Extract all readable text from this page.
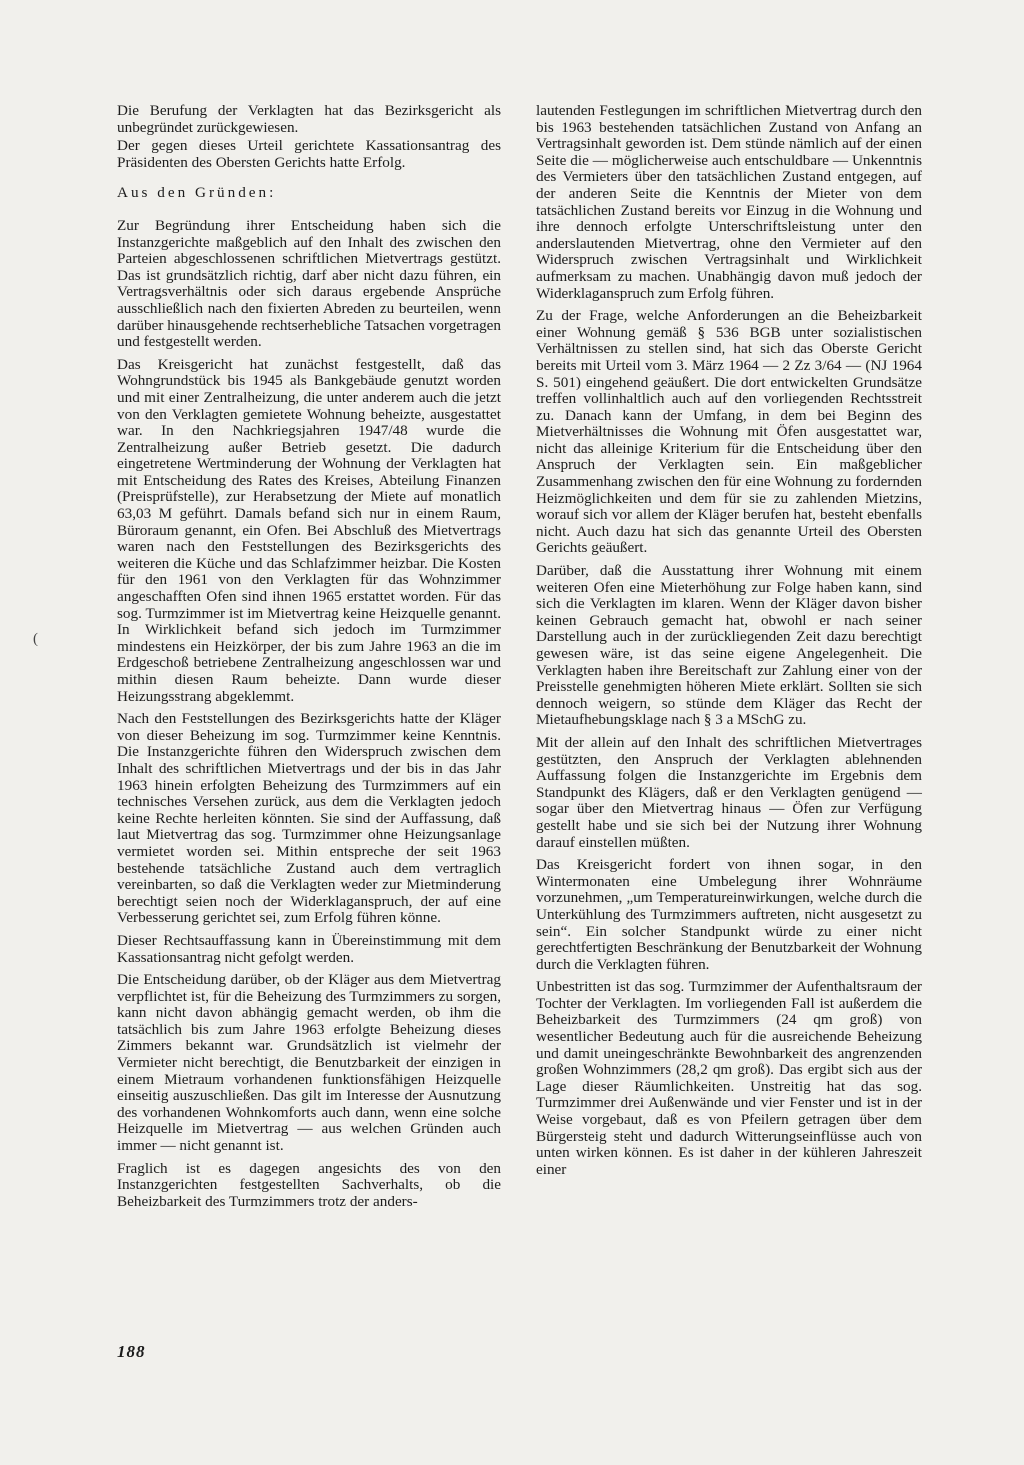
(

Die Berufung der Verklagten hat das Bezirksgericht als unbegründet zurückgewiesen.

Der gegen dieses Urteil gerichtete Kassationsantrag des Präsidenten des Obersten Gerichts hatte Erfolg.

Aus den Gründen:

Zur Begründung ihrer Entscheidung haben sich die Instanzgerichte maßgeblich auf den Inhalt des zwischen den Parteien abgeschlossenen schriftlichen Mietvertrags gestützt. Das ist grundsätzlich richtig, darf aber nicht dazu führen, ein Vertragsverhältnis oder sich daraus ergebende Ansprüche ausschließlich nach den fixierten Abreden zu beurteilen, wenn darüber hinausgehende rechtserhebliche Tatsachen vorgetragen und festgestellt werden.

Das Kreisgericht hat zunächst festgestellt, daß das Wohngrundstück bis 1945 als Bankgebäude genutzt worden und mit einer Zentralheizung, die unter anderem auch die jetzt von den Verklagten gemietete Wohnung beheizte, ausgestattet war. In den Nachkriegsjahren 1947/48 wurde die Zentralheizung außer Betrieb gesetzt. Die dadurch eingetretene Wertminderung der Wohnung der Verklagten hat mit Entscheidung des Rates des Kreises, Abteilung Finanzen (Preisprüfstelle), zur Herabsetzung der Miete auf monatlich 63,03 M geführt. Damals befand sich nur in einem Raum, Büroraum genannt, ein Ofen. Bei Abschluß des Mietvertrags waren nach den Feststellungen des Bezirksgerichts des weiteren die Küche und das Schlafzimmer heizbar. Die Kosten für den 1961 von den Verklagten für das Wohnzimmer angeschafften Ofen sind ihnen 1965 erstattet worden. Für das sog. Turmzimmer ist im Mietvertrag keine Heizquelle genannt. In Wirklichkeit befand sich jedoch im Turmzimmer mindestens ein Heizkörper, der bis zum Jahre 1963 an die im Erdgeschoß betriebene Zentralheizung angeschlossen war und mithin diesen Raum beheizte. Dann wurde dieser Heizungsstrang abgeklemmt.

Nach den Feststellungen des Bezirksgerichts hatte der Kläger von dieser Beheizung im sog. Turmzimmer keine Kenntnis. Die Instanzgerichte führen den Widerspruch zwischen dem Inhalt des schriftlichen Mietvertrags und der bis in das Jahr 1963 hinein erfolgten Beheizung des Turmzimmers auf ein technisches Versehen zurück, aus dem die Verklagten jedoch keine Rechte herleiten könnten. Sie sind der Auffassung, daß laut Mietvertrag das sog. Turmzimmer ohne Heizungsanlage vermietet worden sei. Mithin entspreche der seit 1963 bestehende tatsächliche Zustand auch dem vertraglich vereinbarten, so daß die Verklagten weder zur Mietminderung berechtigt seien noch der Widerklaganspruch, der auf eine Verbesserung gerichtet sei, zum Erfolg führen könne.

Dieser Rechtsauffassung kann in Übereinstimmung mit dem Kassationsantrag nicht gefolgt werden.

Die Entscheidung darüber, ob der Kläger aus dem Mietvertrag verpflichtet ist, für die Beheizung des Turmzimmers zu sorgen, kann nicht davon abhängig gemacht werden, ob ihm die tatsächlich bis zum Jahre 1963 erfolgte Beheizung dieses Zimmers bekannt war. Grundsätzlich ist vielmehr der Vermieter nicht berechtigt, die Benutzbarkeit der einzigen in einem Mietraum vorhandenen funktionsfähigen Heizquelle einseitig auszuschließen. Das gilt im Interesse der Ausnutzung des vorhandenen Wohnkomforts auch dann, wenn eine solche Heizquelle im Mietvertrag — aus welchen Gründen auch immer — nicht genannt ist.

Fraglich ist es dagegen angesichts des von den Instanzgerichten festgestellten Sachverhalts, ob die Beheizbarkeit des Turmzimmers trotz der anders-

lautenden Festlegungen im schriftlichen Mietvertrag durch den bis 1963 bestehenden tatsächlichen Zustand von Anfang an Vertragsinhalt geworden ist. Dem stünde nämlich auf der einen Seite die — möglicherweise auch entschuldbare — Unkenntnis des Vermieters über den tatsächlichen Zustand entgegen, auf der anderen Seite die Kenntnis der Mieter von dem tatsächlichen Zustand bereits vor Einzug in die Wohnung und ihre dennoch erfolgte Unterschriftsleistung unter den anderslautenden Mietvertrag, ohne den Vermieter auf den Widerspruch zwischen Vertragsinhalt und Wirklichkeit aufmerksam zu machen. Unabhängig davon muß jedoch der Widerklaganspruch zum Erfolg führen.

Zu der Frage, welche Anforderungen an die Beheizbarkeit einer Wohnung gemäß § 536 BGB unter sozialistischen Verhältnissen zu stellen sind, hat sich das Oberste Gericht bereits mit Urteil vom 3. März 1964 — 2 Zz 3/64 — (NJ 1964 S. 501) eingehend geäußert. Die dort entwickelten Grundsätze treffen vollinhaltlich auch auf den vorliegenden Rechtsstreit zu. Danach kann der Umfang, in dem bei Beginn des Mietverhältnisses die Wohnung mit Öfen ausgestattet war, nicht das alleinige Kriterium für die Entscheidung über den Anspruch der Verklagten sein. Ein maßgeblicher Zusammenhang zwischen den für eine Wohnung zu fordernden Heizmöglichkeiten und dem für sie zu zahlenden Mietzins, worauf sich vor allem der Kläger berufen hat, besteht ebenfalls nicht. Auch dazu hat sich das genannte Urteil des Obersten Gerichts geäußert.

Darüber, daß die Ausstattung ihrer Wohnung mit einem weiteren Ofen eine Mieterhöhung zur Folge haben kann, sind sich die Verklagten im klaren. Wenn der Kläger davon bisher keinen Gebrauch gemacht hat, obwohl er nach seiner Darstellung auch in der zurückliegenden Zeit dazu berechtigt gewesen wäre, ist das seine eigene Angelegenheit. Die Verklagten haben ihre Bereitschaft zur Zahlung einer von der Preisstelle genehmigten höheren Miete erklärt. Sollten sie sich dennoch weigern, so stünde dem Kläger das Recht der Mietaufhebungsklage nach § 3 a MSchG zu.

Mit der allein auf den Inhalt des schriftlichen Mietvertrages gestützten, den Anspruch der Verklagten ablehnenden Auffassung folgen die Instanzgerichte im Ergebnis dem Standpunkt des Klägers, daß er den Verklagten genügend — sogar über den Mietvertrag hinaus — Öfen zur Verfügung gestellt habe und sie sich bei der Nutzung ihrer Wohnung darauf einstellen müßten.

Das Kreisgericht fordert von ihnen sogar, in den Wintermonaten eine Umbelegung ihrer Wohnräume vorzunehmen, „um Temperatureinwirkungen, welche durch die Unterkühlung des Turmzimmers auftreten, nicht ausgesetzt zu sein“. Ein solcher Standpunkt würde zu einer nicht gerechtfertigten Beschränkung der Benutzbarkeit der Wohnung durch die Verklagten führen.

Unbestritten ist das sog. Turmzimmer der Aufenthaltsraum der Tochter der Verklagten. Im vorliegenden Fall ist außerdem die Beheizbarkeit des Turmzimmers (24 qm groß) von wesentlicher Bedeutung auch für die ausreichende Beheizung und damit uneingeschränkte Bewohnbarkeit des angrenzenden großen Wohnzimmers (28,2 qm groß). Das ergibt sich aus der Lage dieser Räumlichkeiten. Unstreitig hat das sog. Turmzimmer drei Außenwände und vier Fenster und ist in der Weise vorgebaut, daß es von Pfeilern getragen über dem Bürgersteig steht und dadurch Witterungseinflüsse auch von unten wirken können. Es ist daher in der kühleren Jahreszeit einer

188
